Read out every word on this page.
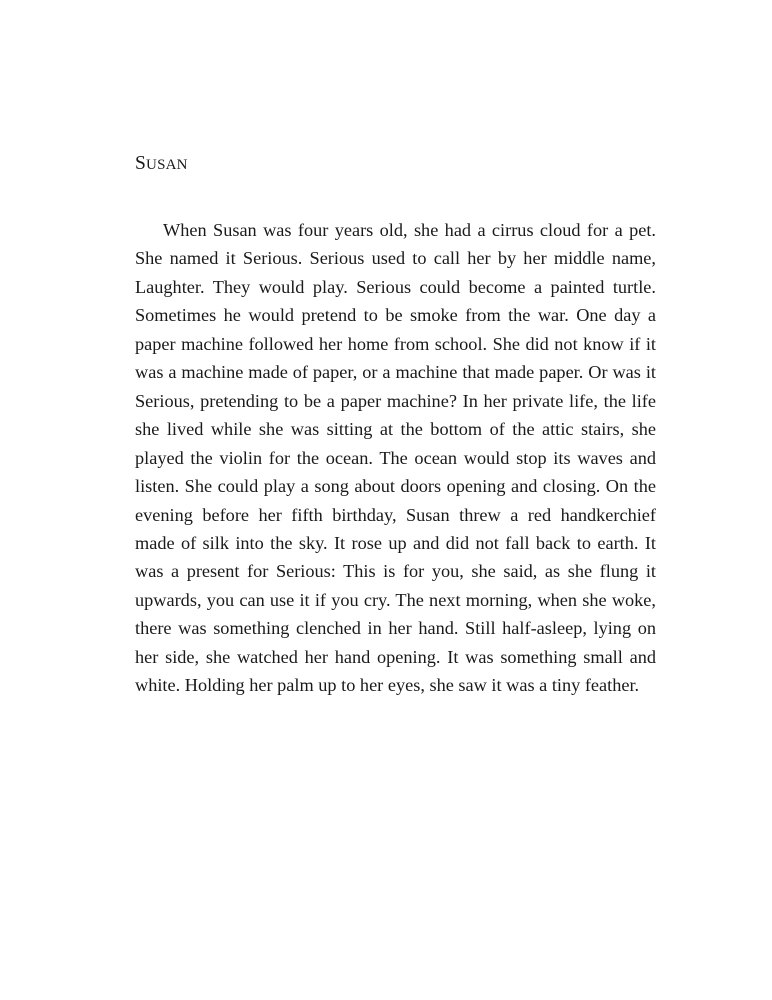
SUSAN

When Susan was four years old, she had a cirrus cloud for a pet. She named it Serious. Serious used to call her by her middle name, Laughter. They would play. Serious could become a painted turtle. Sometimes he would pretend to be smoke from the war. One day a paper machine followed her home from school. She did not know if it was a machine made of paper, or a machine that made paper. Or was it Serious, pretending to be a paper machine? In her private life, the life she lived while she was sitting at the bottom of the attic stairs, she played the violin for the ocean. The ocean would stop its waves and listen. She could play a song about doors opening and closing. On the evening before her fifth birthday, Susan threw a red handkerchief made of silk into the sky. It rose up and did not fall back to earth. It was a present for Serious: This is for you, she said, as she flung it upwards, you can use it if you cry. The next morning, when she woke, there was something clenched in her hand. Still half-asleep, lying on her side, she watched her hand opening. It was something small and white. Holding her palm up to her eyes, she saw it was a tiny feather.
